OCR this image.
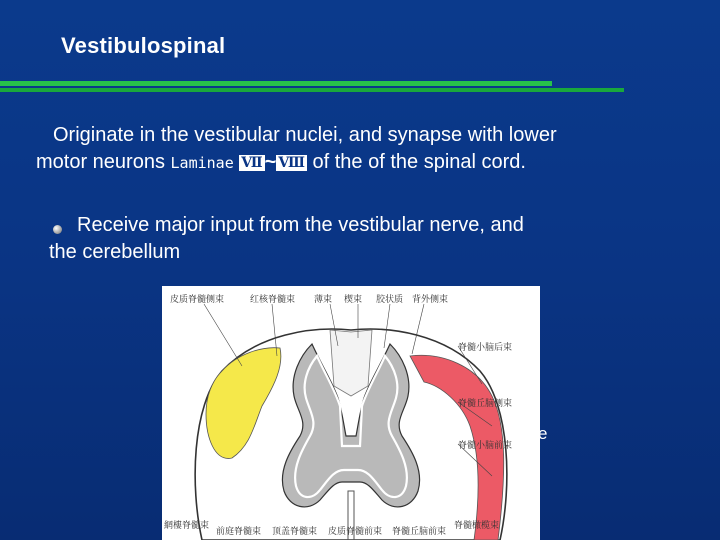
Vestibulospinal
Originate in the vestibular nuclei, and synapse with lower
motor neurons Laminae Ⅶ ~ Ⅷ of the of the spinal cord.
Receive major input from the vestibular nerve, and
the cerebellum
皮质脊髓侧束	红核脊髓束 薄束 楔束 胶状质 背外侧束
脊髓小脑后束
脊髓丘脑侧束
脊髓小脑前束
網樓脊髓束
前庭脊髓束 顶盖脊髓束 皮质脊髓前束 脊髓丘脑前束
脊髓橄榄束
e
